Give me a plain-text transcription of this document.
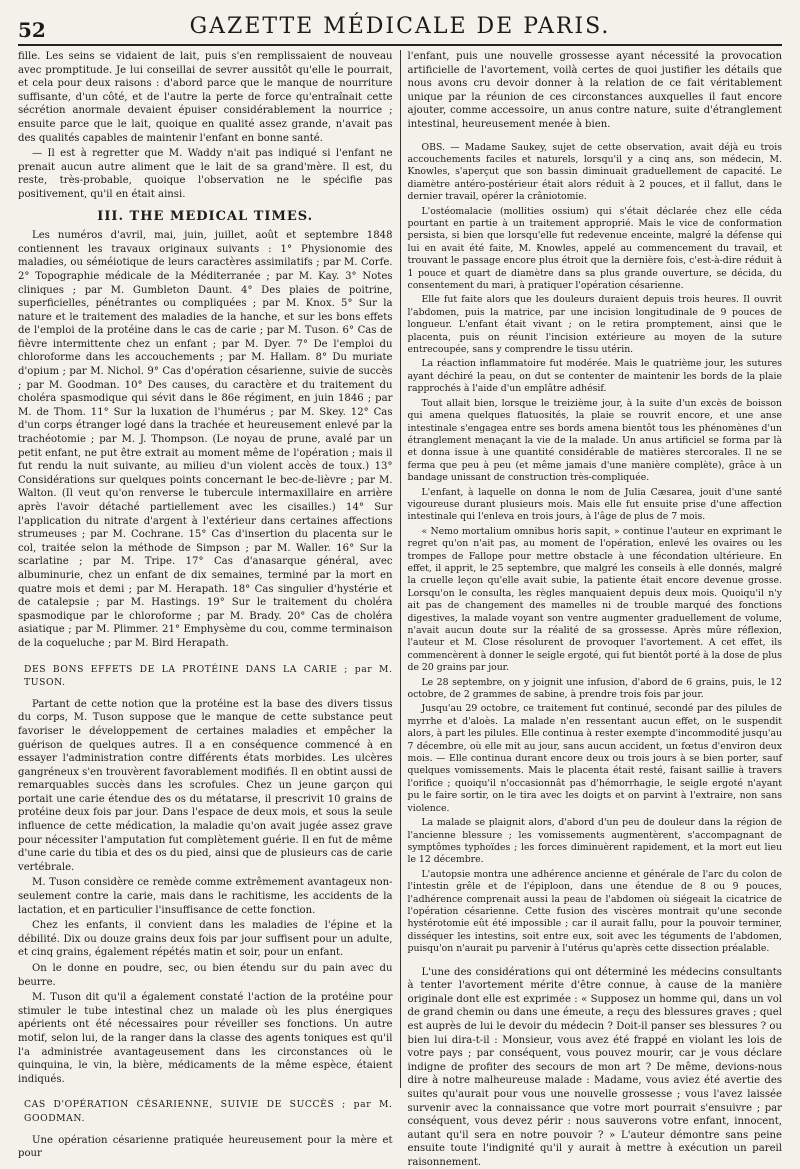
52	GAZETTE MÉDICALE DE PARIS.

fille. Les seins se vidaient de lait, puis s'en remplissaient de nouveau avec promptitude. Je lui conseillai de sevrer aussitôt qu'elle le pourrait, et cela pour deux raisons : d'abord parce que le manque de nourriture suffisante, d'un côté, et de l'autre la perte de force qu'entraînait cette sécrétion anormale devaient épuiser considérablement la nourrice ; ensuite parce que le lait, quoique en qualité assez grande, n'avait pas des qualités capables de maintenir l'enfant en bonne santé.

— Il est à regretter que M. Waddy n'ait pas indiqué si l'enfant ne prenait aucun autre aliment que le lait de sa grand'mère. Il est, du reste, très-probable, quoique l'observation ne le spécifie pas positivement, qu'il en était ainsi.

III. THE MEDICAL TIMES.

Les numéros d'avril, mai, juin, juillet, août et septembre 1848 contiennent les travaux originaux suivants : 1° Physionomie des maladies, ou séméiotique de leurs caractères assimilatifs ; par M. Corfe. 2° Topographie médicale de la Méditerranée ; par M. Kay. 3° Notes cliniques ; par M. Gumbleton Daunt. 4° Des plaies de poitrine, superficielles, pénétrantes ou compliquées ; par M. Knox. 5° Sur la nature et le traitement des maladies de la hanche, et sur les bons effets de l'emploi de la protéine dans le cas de carie ; par M. Tuson. 6° Cas de fièvre intermittente chez un enfant ; par M. Dyer. 7° De l'emploi du chloroforme dans les accouchements ; par M. Hallam. 8° Du muriate d'opium ; par M. Nichol. 9° Cas d'opération césarienne, suivie de succès ; par M. Goodman. 10° Des causes, du caractère et du traitement du choléra spasmodique qui sévit dans le 86e régiment, en juin 1846 ; par M. de Thom. 11° Sur la luxation de l'humérus ; par M. Skey. 12° Cas d'un corps étranger logé dans la trachée et heureusement enlevé par la trachéotomie ; par M. J. Thompson. (Le noyau de prune, avalé par un petit enfant, ne put être extrait au moment même de l'opération ; mais il fut rendu la nuit suivante, au milieu d'un violent accès de toux.) 13° Considérations sur quelques points concernant le bec-de-lièvre ; par M. Walton. (Il veut qu'on renverse le tubercule intermaxillaire en arrière après l'avoir détaché partiellement avec les cisailles.) 14° Sur l'application du nitrate d'argent à l'extérieur dans certaines affections strumeuses ; par M. Cochrane. 15° Cas d'insertion du placenta sur le col, traitée selon la méthode de Simpson ; par M. Waller. 16° Sur la scarlatine ; par M. Tripe. 17° Cas d'anasarque général, avec albuminurie, chez un enfant de dix semaines, terminé par la mort en quatre mois et demi ; par M. Herapath. 18° Cas singulier d'hystérie et de catalepsie ; par M. Hastings. 19° Sur le traitement du choléra spasmodique par le chloroforme ; par M. Brady. 20° Cas de choléra asiatique ; par M. Plimmer. 21° Emphysème du cou, comme terminaison de la coqueluche ; par M. Bird Herapath.

DES BONS EFFETS DE LA PROTÉINE DANS LA CARIE ; par M. TUSON.

Partant de cette notion que la protéine est la base des divers tissus du corps, M. Tuson suppose que le manque de cette substance peut favoriser le développement de certaines maladies et empêcher la guérison de quelques autres. Il a en conséquence commencé à en essayer l'administration contre différents états morbides. Les ulcères gangréneux s'en trouvèrent favorablement modifiés. Il en obtint aussi de remarquables succès dans les scrofules. Chez un jeune garçon qui portait une carie étendue des os du métatarse, il prescrivit 10 grains de protéine deux fois par jour. Dans l'espace de deux mois, et sous la seule influence de cette médication, la maladie qu'on avait jugée assez grave pour nécessiter l'amputation fut complètement guérie. Il en fut de même d'une carie du tibia et des os du pied, ainsi que de plusieurs cas de carie vertébrale.

M. Tuson considère ce remède comme extrêmement avantageux non-seulement contre la carie, mais dans le rachitisme, les accidents de la lactation, et en particulier l'insuffisance de cette fonction.

Chez les enfants, il convient dans les maladies de l'épine et la débilité. Dix ou douze grains deux fois par jour suffisent pour un adulte, et cinq grains, également répétés matin et soir, pour un enfant.

On le donne en poudre, sec, ou bien étendu sur du pain avec du beurre.

M. Tuson dit qu'il a également constaté l'action de la protéine pour stimuler le tube intestinal chez un malade où les plus énergiques apérients ont été nécessaires pour réveiller ses fonctions. Un autre motif, selon lui, de la ranger dans la classe des agents toniques est qu'il l'a administrée avantageusement dans les circonstances où le quinquina, le vin, la bière, médicaments de la même espèce, étaient indiqués.

CAS D'OPÉRATION CÉSARIENNE, SUIVIE DE SUCCÈS ; par M. GOODMAN.

Une opération césarienne pratiquée heureusement pour la mère et pour

l'enfant, puis une nouvelle grossesse ayant nécessité la provocation artificielle de l'avortement, voilà certes de quoi justifier les détails que nous avons cru devoir donner à la relation de ce fait véritablement unique par la réunion de ces circonstances auxquelles il faut encore ajouter, comme accessoire, un anus contre nature, suite d'étranglement intestinal, heureusement menée à bien.

OBS. — Madame Saukey, sujet de cette observation, avait déjà eu trois accouchements faciles et naturels, lorsqu'il y a cinq ans, son médecin, M. Knowles, s'aperçut que son bassin diminuait graduellement de capacité. Le diamètre antéro-postérieur était alors réduit à 2 pouces, et il fallut, dans le dernier travail, opérer la crâniotomie.

L'ostéomalacie (mollities ossium) qui s'était déclarée chez elle céda pourtant en partie à un traitement approprié. Mais le vice de conformation persista, si bien que lorsqu'elle fut redevenue enceinte, malgré la défense qui lui en avait été faite, M. Knowles, appelé au commencement du travail, et trouvant le passage encore plus étroit que la dernière fois, c'est-à-dire réduit à 1 pouce et quart de diamètre dans sa plus grande ouverture, se décida, du consentement du mari, à pratiquer l'opération césarienne.

Elle fut faite alors que les douleurs duraient depuis trois heures. Il ouvrit l'abdomen, puis la matrice, par une incision longitudinale de 9 pouces de longueur. L'enfant était vivant ; on le retira promptement, ainsi que le placenta, puis on réunit l'incision extérieure au moyen de la suture entrecoupée, sans y comprendre le tissu utérin.

La réaction inflammatoire fut modérée. Mais le quatrième jour, les sutures ayant déchiré la peau, on dut se contenter de maintenir les bords de la plaie rapprochés à l'aide d'un emplâtre adhésif.

Tout allait bien, lorsque le treizième jour, à la suite d'un excès de boisson qui amena quelques flatuosités, la plaie se rouvrit encore, et une anse intestinale s'engagea entre ses bords amena bientôt tous les phénomènes d'un étranglement menaçant la vie de la malade. Un anus artificiel se forma par là et donna issue à une quantité considérable de matières stercorales. Il ne se ferma que peu à peu (et même jamais d'une manière complète), grâce à un bandage unissant de construction très-compliquée.

L'enfant, à laquelle on donna le nom de Julia Cæsarea, jouit d'une santé vigoureuse durant plusieurs mois. Mais elle fut ensuite prise d'une affection intestinale qui l'enleva en trois jours, à l'âge de plus de 7 mois.

« Nemo mortalium omnibus horis sapit, » continue l'auteur en exprimant le regret qu'on n'ait pas, au moment de l'opération, enlevé les ovaires ou les trompes de Fallope pour mettre obstacle à une fécondation ultérieure. En effet, il apprit, le 25 septembre, que malgré les conseils à elle donnés, malgré la cruelle leçon qu'elle avait subie, la patiente était encore devenue grosse. Lorsqu'on le consulta, les règles manquaient depuis deux mois. Quoiqu'il n'y ait pas de changement des mamelles ni de trouble marqué des fonctions digestives, la malade voyant son ventre augmenter graduellement de volume, n'avait aucun doute sur la réalité de sa grossesse. Après mûre réflexion, l'auteur et M. Close résolurent de provoquer l'avortement. A cet effet, ils commencèrent à donner le seigle ergoté, qui fut bientôt porté à la dose de plus de 20 grains par jour.

Le 28 septembre, on y joignit une infusion, d'abord de 6 grains, puis, le 12 octobre, de 2 grammes de sabine, à prendre trois fois par jour.

Jusqu'au 29 octobre, ce traitement fut continué, secondé par des pilules de myrrhe et d'aloès. La malade n'en ressentant aucun effet, on le suspendit alors, à part les pilules. Elle continua à rester exempte d'incommodité jusqu'au 7 décembre, où elle mit au jour, sans aucun accident, un fœtus d'environ deux mois. — Elle continua durant encore deux ou trois jours à se bien porter, sauf quelques vomissements. Mais le placenta était resté, faisant saillie à travers l'orifice ; quoiqu'il n'occasionnât pas d'hémorrhagie, le seigle ergoté n'ayant pu le faire sortir, on le tira avec les doigts et on parvint à l'extraire, non sans violence.

La malade se plaignit alors, d'abord d'un peu de douleur dans la région de l'ancienne blessure ; les vomissements augmentèrent, s'accompagnant de symptômes typhoïdes ; les forces diminuèrent rapidement, et la mort eut lieu le 12 décembre.

L'autopsie montra une adhérence ancienne et générale de l'arc du colon de l'intestin grêle et de l'épiploon, dans une étendue de 8 ou 9 pouces, l'adhérence comprenait aussi la peau de l'abdomen où siégeait la cicatrice de l'opération césarienne. Cette fusion des viscères montrait qu'une seconde hystérotomie eût été impossible ; car il aurait fallu, pour la pouvoir terminer, disséquer les intestins, soit entre eux, soit avec les téguments de l'abdomen, puisqu'on n'aurait pu parvenir à l'utérus qu'après cette dissection préalable.

L'une des considérations qui ont déterminé les médecins consultants à tenter l'avortement mérite d'être connue, à cause de la manière originale dont elle est exprimée : « Supposez un homme qui, dans un vol de grand chemin ou dans une émeute, a reçu des blessures graves ; quel est auprès de lui le devoir du médecin ? Doit-il panser ses blessures ? ou bien lui dira-t-il : Monsieur, vous avez été frappé en violant les lois de votre pays ; par conséquent, vous pouvez mourir, car je vous déclare indigne de profiter des secours de mon art ? De même, devions-nous dire à notre malheureuse malade : Madame, vous aviez été avertie des suites qu'aurait pour vous une nouvelle grossesse ; vous l'avez laissée survenir avec la connaissance que votre mort pourrait s'ensuivre ; par conséquent, vous devez périr : nous sauverons votre enfant, innocent, autant qu'il sera en notre pouvoir ? » L'auteur démontre sans peine ensuite toute l'indignité qu'il y aurait à mettre à exécution un pareil raisonnement.
